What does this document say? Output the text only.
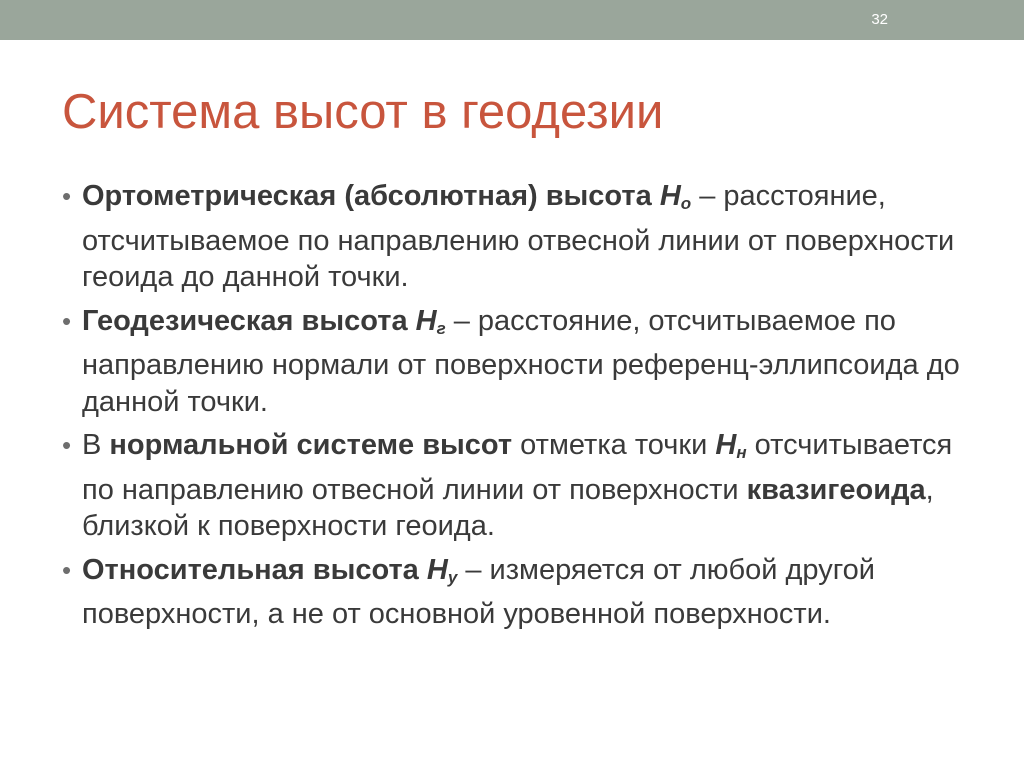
32
Система высот в геодезии
• Ортометрическая (абсолютная) высота $H_о$ – расстояние, отсчитываемое по направлению отвесной линии от поверхности геоида до данной точки.
• Геодезическая высота $H_г$ – расстояние, отсчитываемое по направлению нормали от поверхности референц-эллипсоида до данной точки.
• В нормальной системе высот отметка точки $H_н$ отсчитывается по направлению отвесной линии от поверхности квазигеоида, близкой к поверхности геоида.
• Относительная высота $H_у$ – измеряется от любой другой поверхности, а не от основной уровенной поверхности.
